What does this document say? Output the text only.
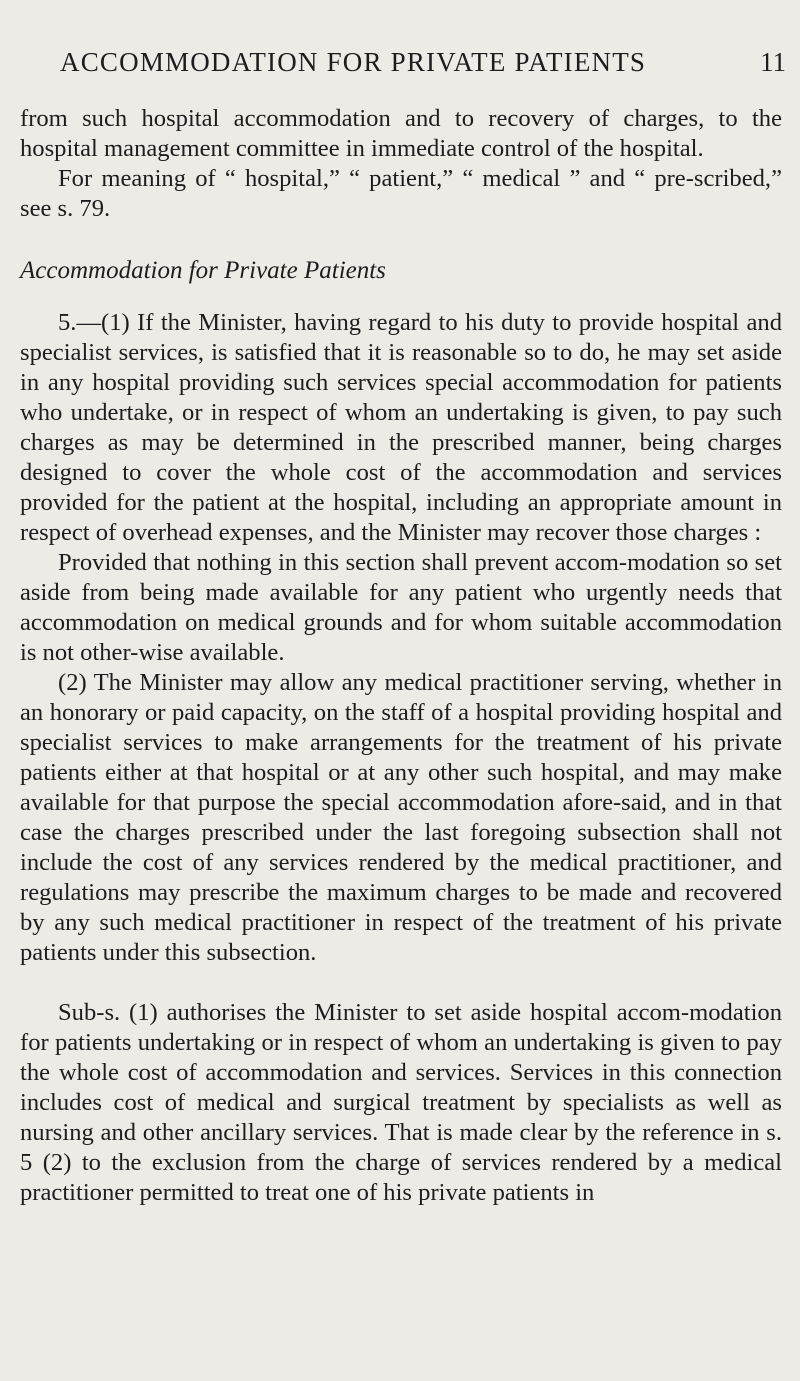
ACCOMMODATION FOR PRIVATE PATIENTS	11

from such hospital accommodation and to recovery of charges, to the hospital management committee in immediate control of the hospital.

For meaning of “ hospital,” “ patient,” “ medical ” and “ pre-scribed,” see s. 79.

Accommodation for Private Patients

5.—(1) If the Minister, having regard to his duty to provide hospital and specialist services, is satisfied that it is reasonable so to do, he may set aside in any hospital providing such services special accommodation for patients who undertake, or in respect of whom an undertaking is given, to pay such charges as may be determined in the prescribed manner, being charges designed to cover the whole cost of the accommodation and services provided for the patient at the hospital, including an appropriate amount in respect of overhead expenses, and the Minister may recover those charges :

Provided that nothing in this section shall prevent accom-modation so set aside from being made available for any patient who urgently needs that accommodation on medical grounds and for whom suitable accommodation is not other-wise available.

(2) The Minister may allow any medical practitioner serving, whether in an honorary or paid capacity, on the staff of a hospital providing hospital and specialist services to make arrangements for the treatment of his private patients either at that hospital or at any other such hospital, and may make available for that purpose the special accommodation afore-said, and in that case the charges prescribed under the last foregoing subsection shall not include the cost of any services rendered by the medical practitioner, and regulations may prescribe the maximum charges to be made and recovered by any such medical practitioner in respect of the treatment of his private patients under this subsection.

Sub-s. (1) authorises the Minister to set aside hospital accom-modation for patients undertaking or in respect of whom an undertaking is given to pay the whole cost of accommodation and services. Services in this connection includes cost of medical and surgical treatment by specialists as well as nursing and other ancillary services. That is made clear by the reference in s. 5 (2) to the exclusion from the charge of services rendered by a medical practitioner permitted to treat one of his private patients in
